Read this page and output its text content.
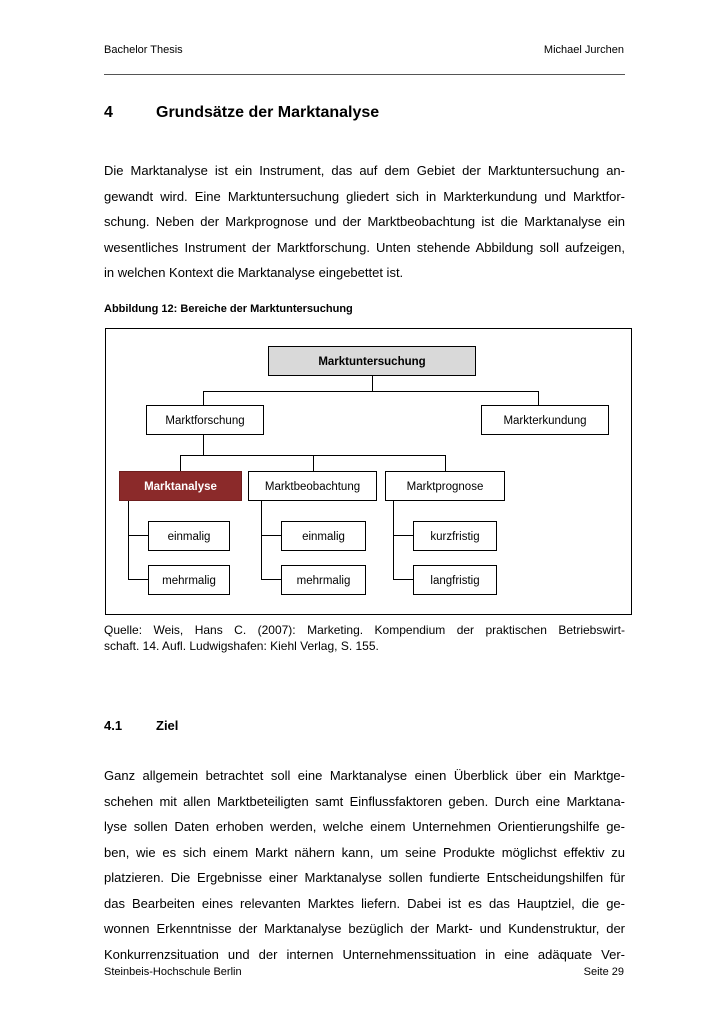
Bachelor Thesis	Michael Jurchen
4	Grundsätze der Marktanalyse
Die Marktanalyse ist ein Instrument, das auf dem Gebiet der Marktuntersuchung an-
gewandt wird. Eine Marktuntersuchung gliedert sich in Markterkundung und Marktfor-
schung. Neben der Markprognose und der Marktbeobachtung ist die Marktanalyse ein
wesentliches Instrument der Marktforschung. Unten stehende Abbildung soll aufzeigen,
in welchen Kontext die Marktanalyse eingebettet ist.
Abbildung 12: Bereiche der Marktuntersuchung
Marktuntersuchung
Marktforschung	Markterkundung
Marktanalyse	Marktbeobachtung	Marktprognose
einmalig
mehrmalig
einmalig
mehrmalig
kurzfristig
langfristig
Quelle: Weis, Hans C. (2007): Marketing. Kompendium der praktischen Betriebswirt-
schaft. 14. Aufl. Ludwigshafen: Kiehl Verlag, S. 155.
4.1	Ziel
Ganz allgemein betrachtet soll eine Marktanalyse einen Überblick über ein Marktge-
schehen mit allen Marktbeteiligten samt Einflussfaktoren geben. Durch eine Marktana-
lyse sollen Daten erhoben werden, welche einem Unternehmen Orientierungshilfe ge-
ben, wie es sich einem Markt nähern kann, um seine Produkte möglichst effektiv zu
platzieren. Die Ergebnisse einer Marktanalyse sollen fundierte Entscheidungshilfen für
das Bearbeiten eines relevanten Marktes liefern. Dabei ist es das Hauptziel, die ge-
wonnen Erkenntnisse der Marktanalyse bezüglich der Markt- und Kundenstruktur, der
Konkurrenzsituation und der internen Unternehmenssituation in eine adäquate Ver-
Steinbeis-Hochschule Berlin	Seite 29
